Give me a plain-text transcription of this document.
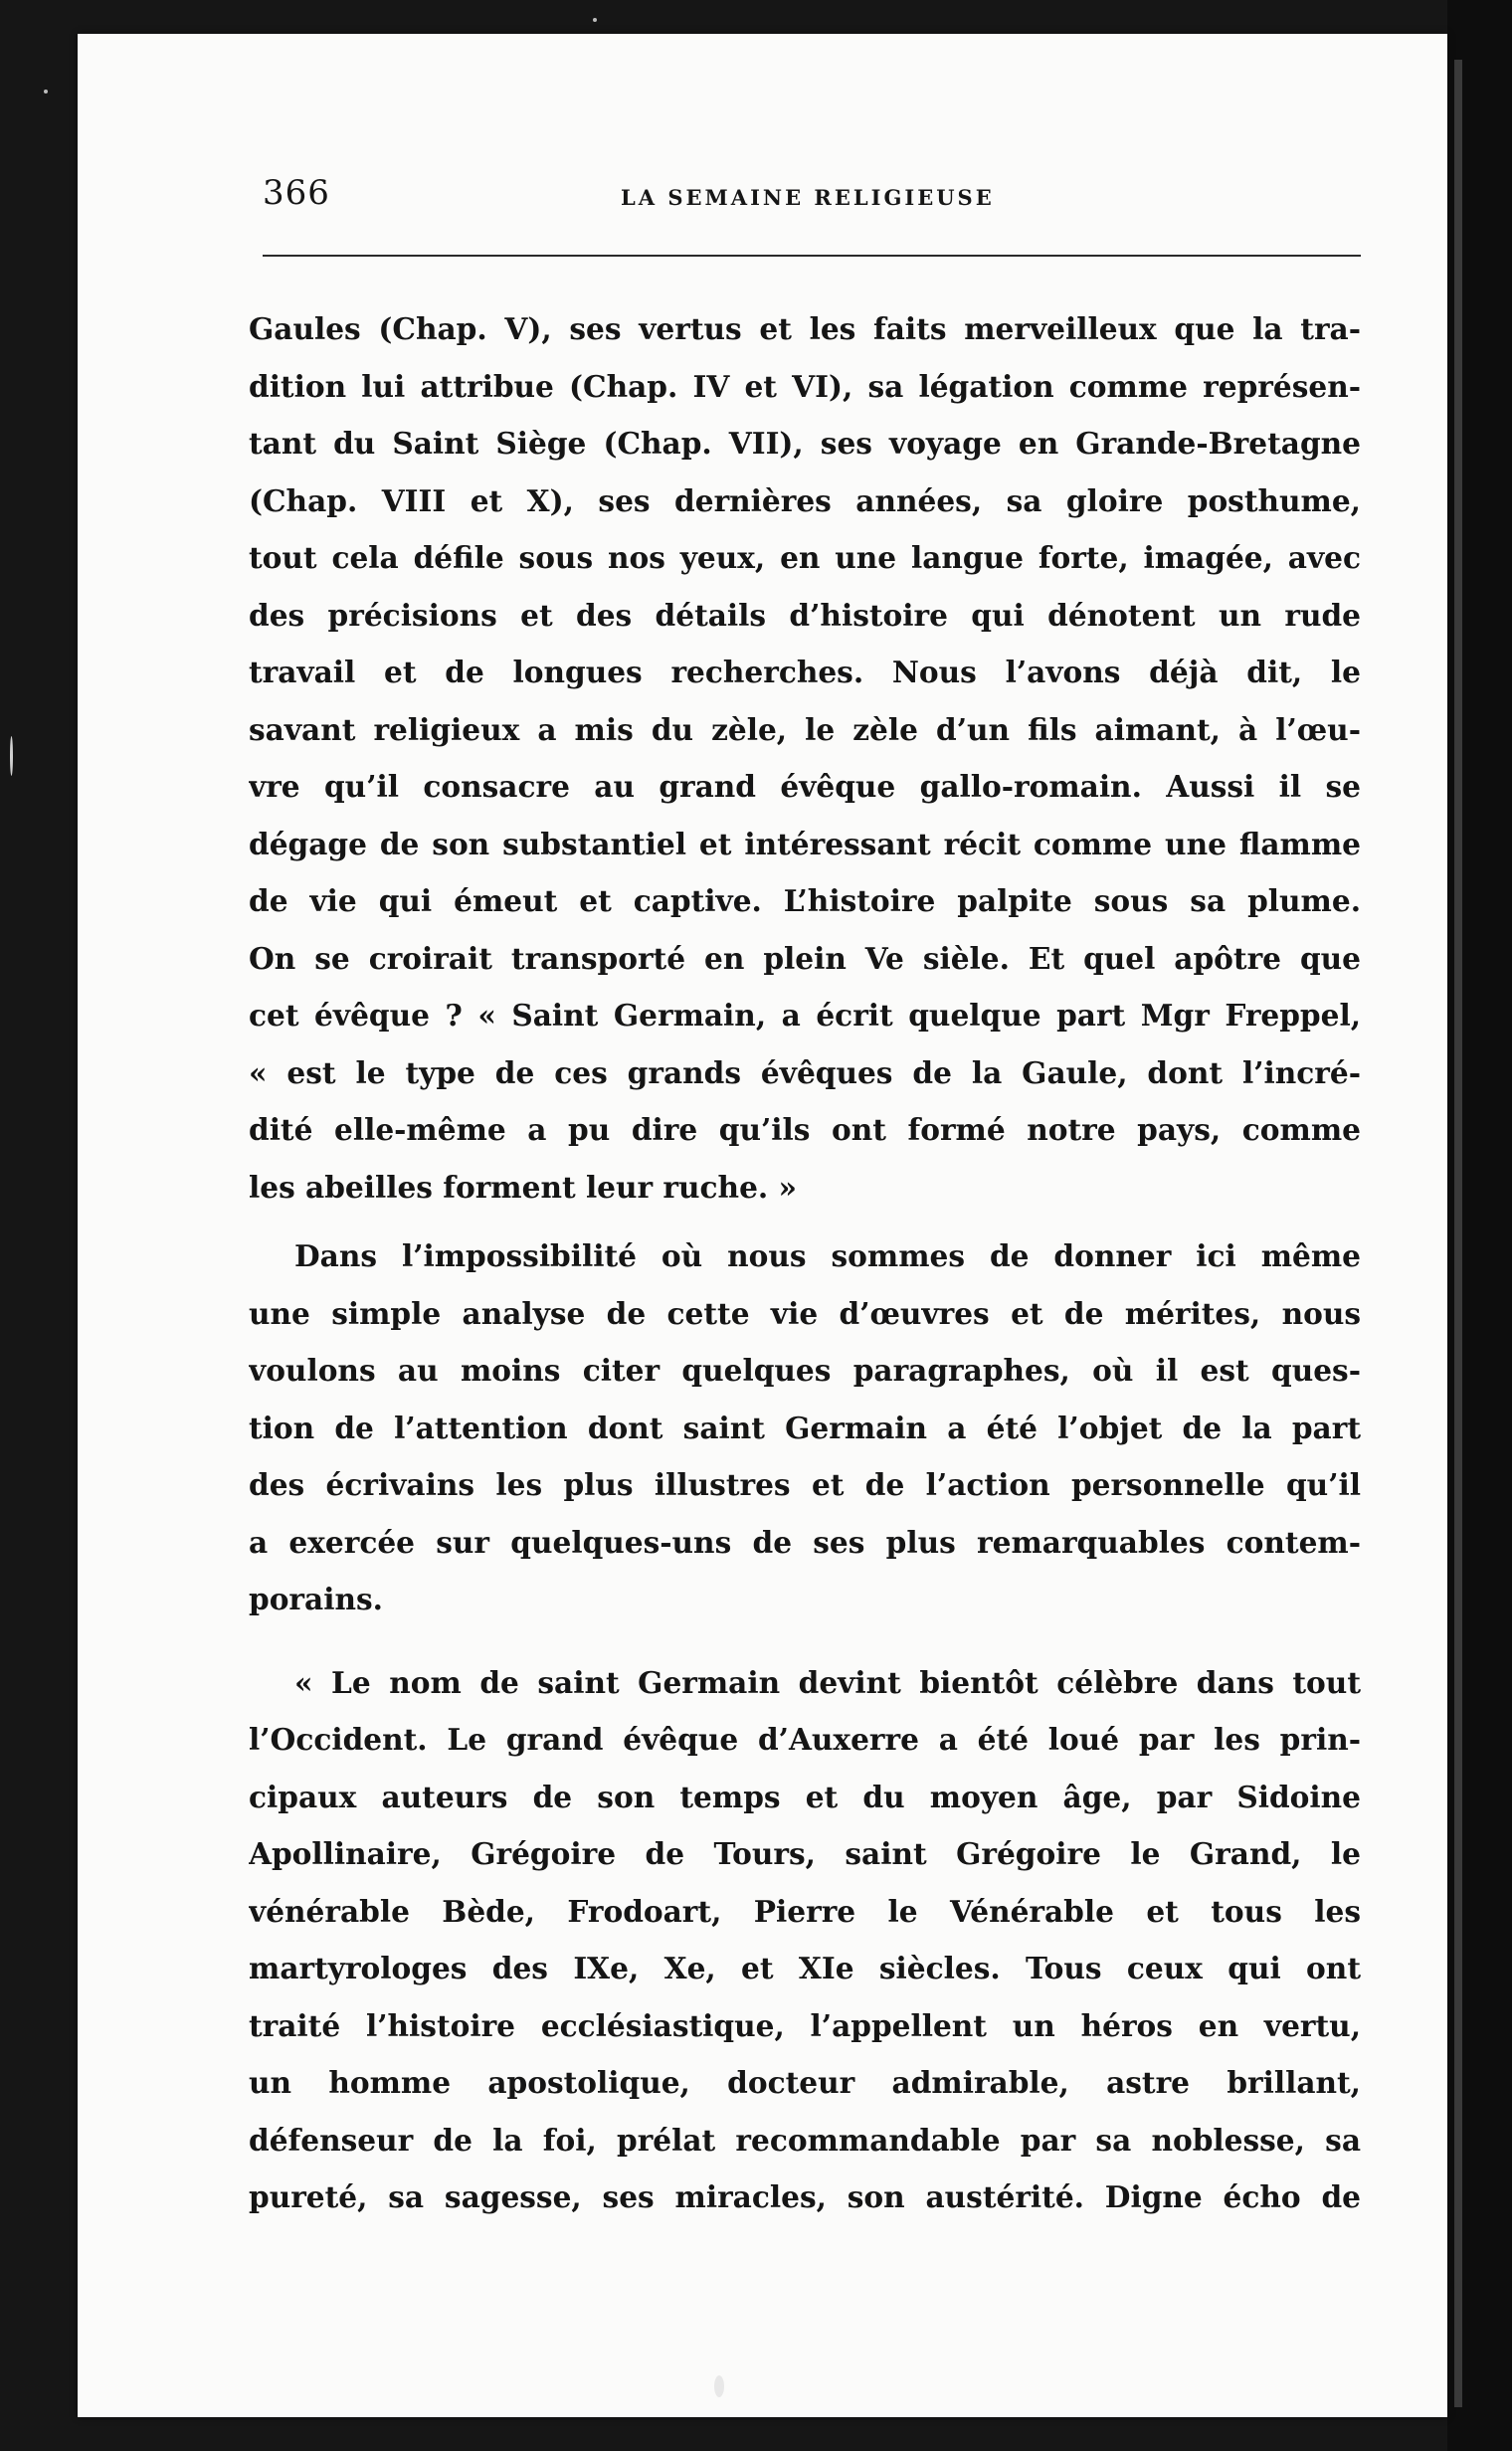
366	LA SEMAINE RELIGIEUSE
Gaules (Chap. V), ses vertus et les faits merveilleux que la tra-
dition lui attribue (Chap. IV et VI), sa légation comme représen-
tant du Saint Siège (Chap. VII), ses voyage en Grande-Bretagne
(Chap. VIII et X), ses dernières années, sa gloire posthume,
tout cela défile sous nos yeux, en une langue forte, imagée, avec
des précisions et des détails d’histoire qui dénotent un rude
travail et de longues recherches. Nous l’avons déjà dit, le
savant religieux a mis du zèle, le zèle d’un fils aimant, à l’œu-
vre qu’il consacre au grand évêque gallo-romain. Aussi il se
dégage de son substantiel et intéressant récit comme une flamme
de vie qui émeut et captive. L’histoire palpite sous sa plume.
On se croirait transporté en plein Ve sièle. Et quel apôtre que
cet évêque ? « Saint Germain, a écrit quelque part Mgr Freppel,
« est le type de ces grands évêques de la Gaule, dont l’incré-
dité elle-même a pu dire qu’ils ont formé notre pays, comme
les abeilles forment leur ruche. »
Dans l’impossibilité où nous sommes de donner ici même
une simple analyse de cette vie d’œuvres et de mérites, nous
voulons au moins citer quelques paragraphes, où il est ques-
tion de l’attention dont saint Germain a été l’objet de la part
des écrivains les plus illustres et de l’action personnelle qu’il
a exercée sur quelques-uns de ses plus remarquables contem-
porains.
« Le nom de saint Germain devint bientôt célèbre dans tout
l’Occident. Le grand évêque d’Auxerre a été loué par les prin-
cipaux auteurs de son temps et du moyen âge, par Sidoine
Apollinaire, Grégoire de Tours, saint Grégoire le Grand, le
vénérable Bède, Frodoart, Pierre le Vénérable et tous les
martyrologes des IXe, Xe, et XIe siècles. Tous ceux qui ont
traité l’histoire ecclésiastique, l’appellent un héros en vertu,
un homme apostolique, docteur admirable, astre brillant,
défenseur de la foi, prélat recommandable par sa noblesse, sa
pureté, sa sagesse, ses miracles, son austérité. Digne écho de
